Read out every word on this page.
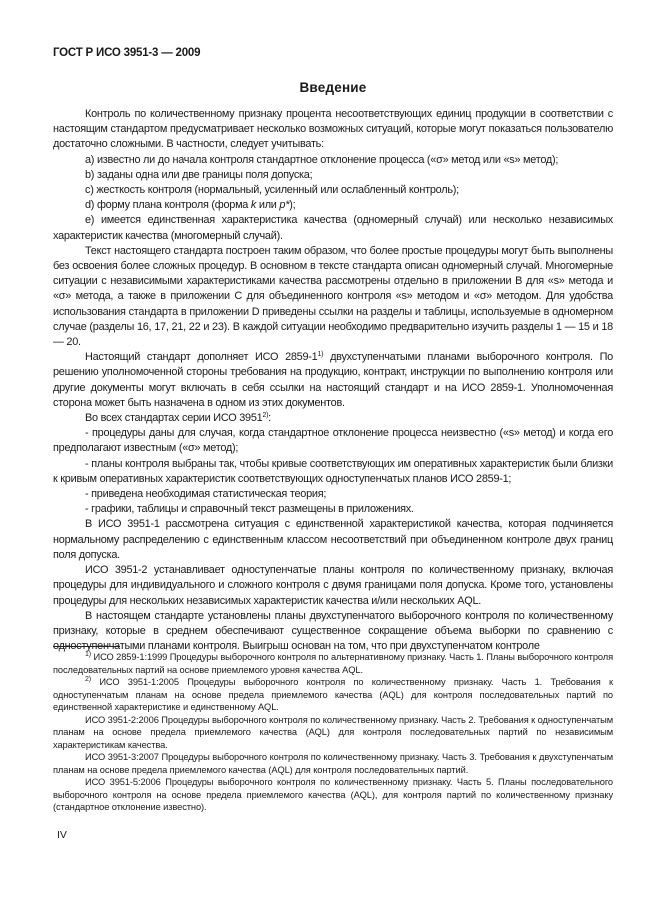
ГОСТ Р ИСО 3951-3 — 2009
Введение

Контроль по количественному признаку процента несоответствующих единиц продукции в соответствии с настоящим стандартом предусматривает несколько возможных ситуаций, которые могут показаться пользователю достаточно сложными. В частности, следует учитывать:

a) известно ли до начала контроля стандартное отклонение процесса («σ» метод или «s» метод);

b) заданы одна или две границы поля допуска;

c) жесткость контроля (нормальный, усиленный или ослабленный контроль);

d) форму плана контроля (форма k или p*);

e) имеется единственная характеристика качества (одномерный случай) или несколько независимых характеристик качества (многомерный случай).

Текст настоящего стандарта построен таким образом, что более простые процедуры могут быть выполнены без освоения более сложных процедур. В основном в тексте стандарта описан одномерный случай. Многомерные ситуации с независимыми характеристиками качества рассмотрены отдельно в приложении B для «s» метода и «σ» метода, а также в приложении C для объединенного контроля «s» методом и «σ» методом. Для удобства использования стандарта в приложении D приведены ссылки на разделы и таблицы, используемые в одномерном случае (разделы 16, 17, 21, 22 и 23). В каждой ситуации необходимо предварительно изучить разделы 1 — 15 и 18 — 20.

Настоящий стандарт дополняет ИСО 2859-1$^{1)}$ двухступенчатыми планами выборочного контроля. По решению уполномоченной стороны требования на продукцию, контракт, инструкции по выполнению контроля или другие документы могут включать в себя ссылки на настоящий стандарт и на ИСО 2859-1. Уполномоченная сторона может быть назначена в одном из этих документов.

Во всех стандартах серии ИСО 3951$^{2)}$:

- процедуры даны для случая, когда стандартное отклонение процесса неизвестно («s» метод) и когда его предполагают известным («σ» метод);

- планы контроля выбраны так, чтобы кривые соответствующих им оперативных характеристик были близки к кривым оперативных характеристик соответствующих одноступенчатых планов ИСО 2859-1;

- приведена необходимая статистическая теория;

- графики, таблицы и справочный текст размещены в приложениях.

В ИСО 3951-1 рассмотрена ситуация с единственной характеристикой качества, которая подчиняется нормальному распределению с единственным классом несоответствий при объединенном контроле двух границ поля допуска.

ИСО 3951-2 устанавливает одноступенчатые планы контроля по количественному признаку, включая процедуры для индивидуального и сложного контроля с двумя границами поля допуска. Кроме того, установлены процедуры для нескольких независимых характеристик качества и/или нескольких AQL.

В настоящем стандарте установлены планы двухступенчатого выборочного контроля по количественному признаку, которые в среднем обеспечивают существенное сокращение объема выборки по сравнению с одноступенчатыми планами контроля. Выигрыш основан на том, что при двухступенчатом контроле

$^{1)}$ ИСО 2859-1:1999 Процедуры выборочного контроля по альтернативному признаку. Часть 1. Планы выборочного контроля последовательных партий на основе приемлемого уровня качества AQL.

$^{2)}$ ИСО 3951-1:2005 Процедуры выборочного контроля по количественному признаку. Часть 1. Требования к одноступенчатым планам на основе предела приемлемого качества (AQL) для контроля последовательных партий по единственной характеристике и единственному AQL.

ИСО 3951-2:2006 Процедуры выборочного контроля по количественному признаку. Часть 2. Требования к одноступенчатым планам на основе предела приемлемого качества (AQL) для контроля последовательных партий по независимым характеристикам качества.

ИСО 3951-3:2007 Процедуры выборочного контроля по количественному признаку. Часть 3. Требования к двухступенчатым планам на основе предела приемлемого качества (AQL) для контроля последовательных партий.

ИСО 3951-5:2006 Процедуры выборочного контроля по количественному признаку. Часть 5. Планы последовательного выборочного контроля на основе предела приемлемого качества (AQL), для контроля партий по количественному признаку (стандартное отклонение известно).

IV
